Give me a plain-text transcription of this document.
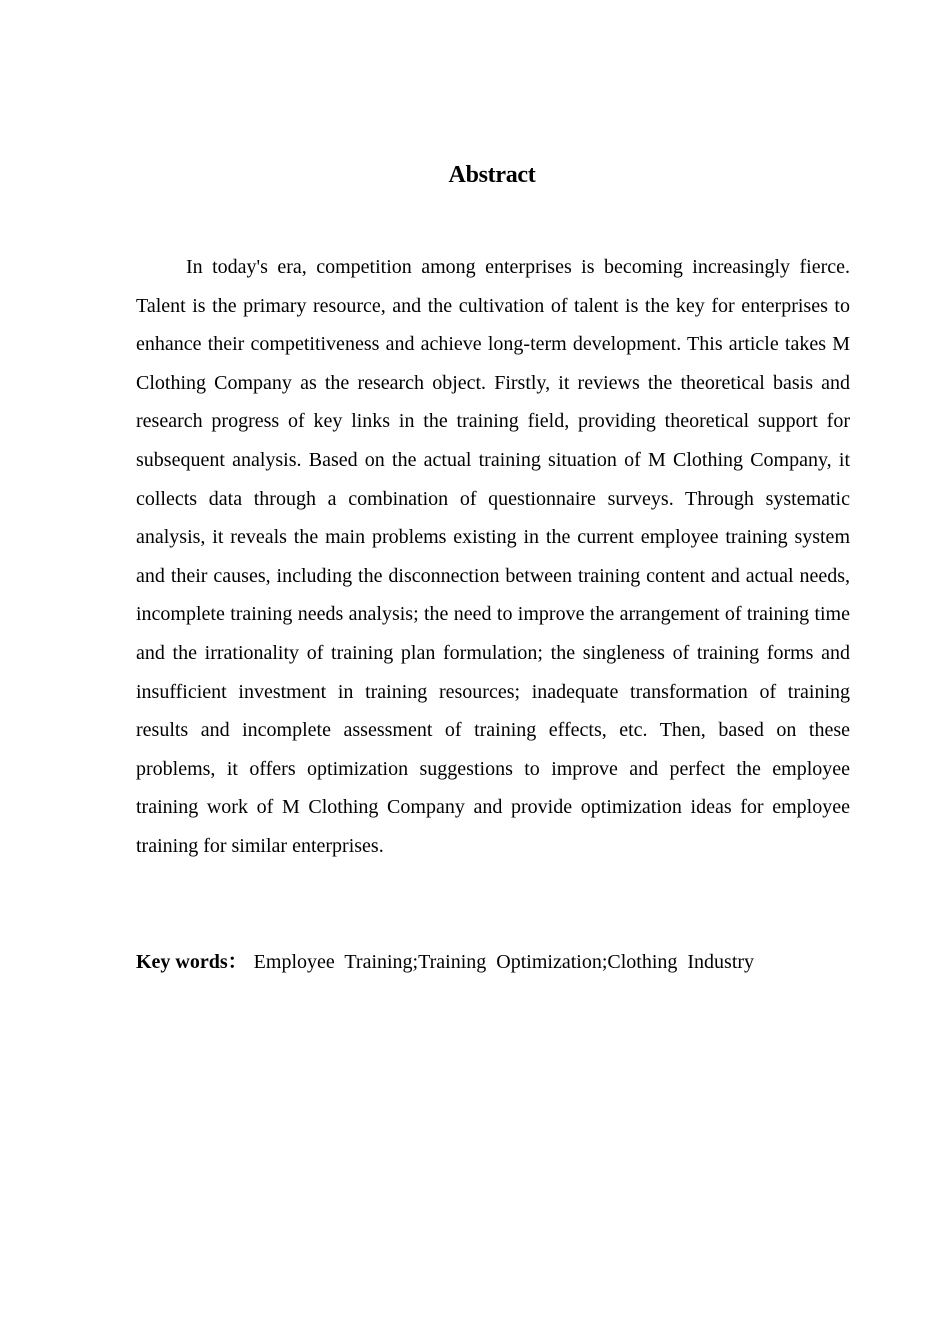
Abstract

In today's era, competition among enterprises is becoming increasingly fierce. Talent is the primary resource, and the cultivation of talent is the key for enterprises to enhance their competitiveness and achieve long-term development. This article takes M Clothing Company as the research object. Firstly, it reviews the theoretical basis and research progress of key links in the training field, providing theoretical support for subsequent analysis. Based on the actual training situation of M Clothing Company, it collects data through a combination of questionnaire surveys. Through systematic analysis, it reveals the main problems existing in the current employee training system and their causes, including the disconnection between training content and actual needs, incomplete training needs analysis; the need to improve the arrangement of training time and the irrationality of training plan formulation; the singleness of training forms and insufficient investment in training resources; inadequate transformation of training results and incomplete assessment of training effects, etc. Then, based on these problems, it offers optimization suggestions to improve and perfect the employee training work of M Clothing Company and provide optimization ideas for employee training for similar enterprises.

Key words： Employee Training;Training Optimization;Clothing Industry
